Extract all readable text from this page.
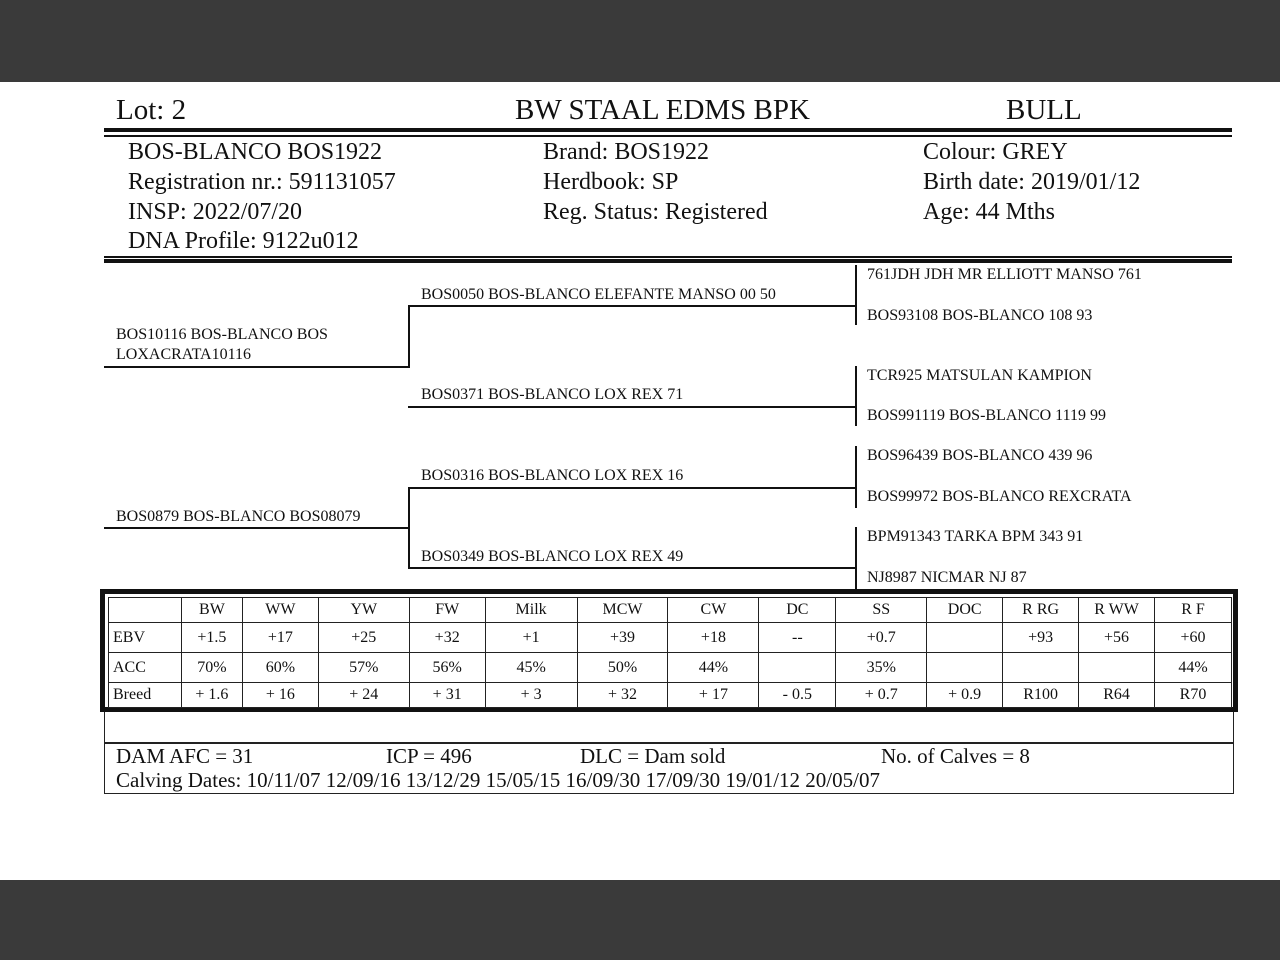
Lot: 2	BW STAAL EDMS BPK	BULL
BOS-BLANCO BOS1922
Registration nr.: 591131057
INSP: 2022/07/20
DNA Profile: 9122u012
Brand: BOS1922
Herdbook: SP
Reg. Status: Registered
Colour: GREY
Birth date: 2019/01/12
Age: 44 Mths
BOS10116 BOS-BLANCO BOS
LOXACRATA10116
BOS0879 BOS-BLANCO BOS08079
BOS0050 BOS-BLANCO ELEFANTE MANSO 00 50
BOS0371 BOS-BLANCO LOX REX 71
BOS0316 BOS-BLANCO LOX REX 16
BOS0349 BOS-BLANCO LOX REX 49
761JDH JDH MR ELLIOTT MANSO 761
BOS93108 BOS-BLANCO 108 93
TCR925 MATSULAN KAMPION
BOS991119 BOS-BLANCO 1119 99
BOS96439 BOS-BLANCO 439 96
BOS99972 BOS-BLANCO REXCRATA
BPM91343 TARKA BPM 343 91
NJ8987 NICMAR NJ 87
	BW	WW	YW	FW	Milk	MCW	CW	DC	SS	DOC	R RG	R WW	R F
EBV	+1.5	+17	+25	+32	+1	+39	+18	--	+0.7		+93	+56	+60
ACC	70%	60%	57%	56%	45%	50%	44%		35%				44%
Breed	+ 1.6	+ 16	+ 24	+ 31	+ 3	+ 32	+ 17	- 0.5	+ 0.7	+ 0.9	R100	R64	R70
DAM AFC = 31	ICP = 496	DLC = Dam sold	No. of Calves = 8
Calving Dates: 10/11/07 12/09/16 13/12/29 15/05/15 16/09/30 17/09/30 19/01/12 20/05/07
